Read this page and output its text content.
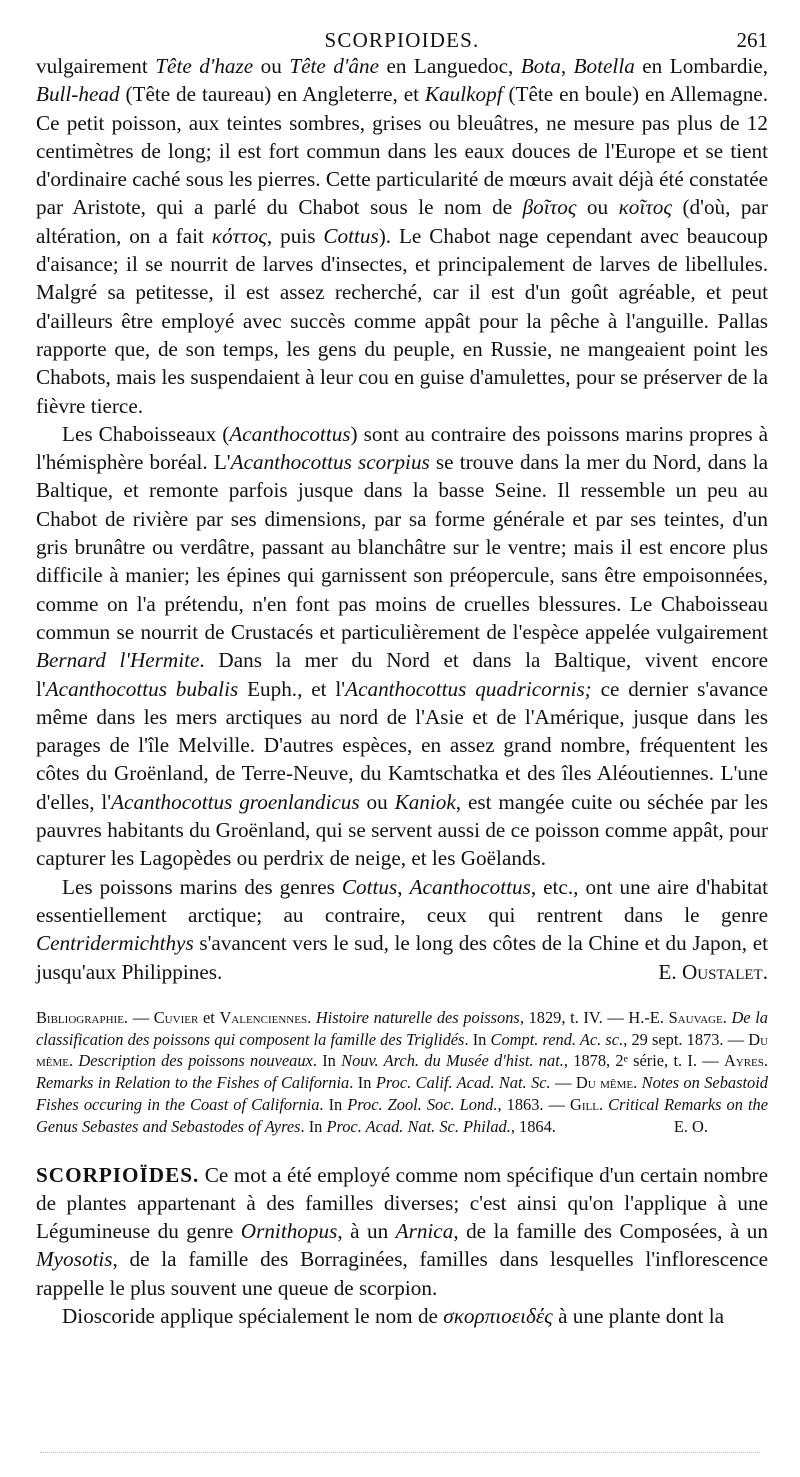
SCORPIOIDES.	261

vulgairement Tête d'haze ou Tête d'âne en Languedoc, Bota, Botella en Lombardie, Bull-head (Tête de taureau) en Angleterre, et Kaulkopf (Tête en boule) en Allemagne. Ce petit poisson, aux teintes sombres, grises ou bleuâtres, ne mesure pas plus de 12 centimètres de long; il est fort commun dans les eaux douces de l'Europe et se tient d'ordinaire caché sous les pierres. Cette particularité de mœurs avait déjà été constatée par Aristote, qui a parlé du Chabot sous le nom de βοῖτος ou κοῖτος (d'où, par altération, on a fait κόττος, puis Cottus). Le Chabot nage cependant avec beaucoup d'aisance; il se nourrit de larves d'insectes, et principalement de larves de libellules. Malgré sa petitesse, il est assez recherché, car il est d'un goût agréable, et peut d'ailleurs être employé avec succès comme appât pour la pêche à l'anguille. Pallas rapporte que, de son temps, les gens du peuple, en Russie, ne mangeaient point les Chabots, mais les suspendaient à leur cou en guise d'amulettes, pour se préserver de la fièvre tierce.

Les Chaboisseaux (Acanthocottus) sont au contraire des poissons marins propres à l'hémisphère boréal. L'Acanthocottus scorpius se trouve dans la mer du Nord, dans la Baltique, et remonte parfois jusque dans la basse Seine. Il ressemble un peu au Chabot de rivière par ses dimensions, par sa forme générale et par ses teintes, d'un gris brunâtre ou verdâtre, passant au blanchâtre sur le ventre; mais il est encore plus difficile à manier; les épines qui garnissent son préopercule, sans être empoisonnées, comme on l'a prétendu, n'en font pas moins de cruelles blessures. Le Chaboisseau commun se nourrit de Crustacés et particulièrement de l'espèce appelée vulgairement Bernard l'Hermite. Dans la mer du Nord et dans la Baltique, vivent encore l'Acanthocottus bubalis Euph., et l'Acanthocottus quadricornis; ce dernier s'avance même dans les mers arctiques au nord de l'Asie et de l'Amérique, jusque dans les parages de l'île Melville. D'autres espèces, en assez grand nombre, fréquentent les côtes du Groënland, de Terre-Neuve, du Kamtschatka et des îles Aléoutiennes. L'une d'elles, l'Acanthocottus groenlandicus ou Kaniok, est mangée cuite ou séchée par les pauvres habitants du Groënland, qui se servent aussi de ce poisson comme appât, pour capturer les Lagopèdes ou perdrix de neige, et les Goëlands.

Les poissons marins des genres Cottus, Acanthocottus, etc., ont une aire d'habitat essentiellement arctique; au contraire, ceux qui rentrent dans le genre Centridermichthys s'avancent vers le sud, le long des côtes de la Chine et du Japon, et jusqu'aux Philippines.	E. Oustalet.

Bibliographie. — Cuvier et Valenciennes. Histoire naturelle des poissons, 1829, t. IV. — H.-E. Sauvage. De la classification des poissons qui composent la famille des Triglidés. In Compt. rend. Ac. sc., 29 sept. 1873. — Du même. Description des poissons nouveaux. In Nouv. Arch. du Musée d'hist. nat., 1878, 2ᵉ série, t. I. — Ayres. Remarks in Relation to the Fishes of California. In Proc. Calif. Acad. Nat. Sc. — Du même. Notes on Sebastoid Fishes occuring in the Coast of California. In Proc. Zool. Soc. Lond., 1863. — Gill. Critical Remarks on the Genus Sebastes and Sebastodes of Ayres. In Proc. Acad. Nat. Sc. Philad., 1864.	E. O.

SCORPIOÏDES. Ce mot a été employé comme nom spécifique d'un certain nombre de plantes appartenant à des familles diverses; c'est ainsi qu'on l'applique à une Légumineuse du genre Ornithopus, à un Arnica, de la famille des Composées, à un Myosotis, de la famille des Borraginées, familles dans lesquelles l'inflorescence rappelle le plus souvent une queue de scorpion.

Dioscoride applique spécialement le nom de σκορπιοειδές à une plante dont la
